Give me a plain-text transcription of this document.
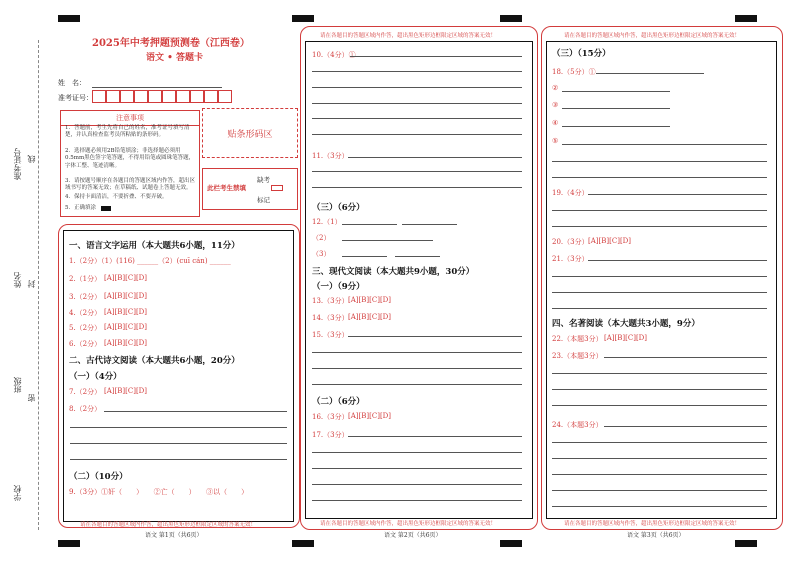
准考证号 线
姓名 封
班级
密
学校
2025年中考押题预测卷（江西卷）
语文 • 答题卡
姓　名：
准考证号：
注意事项
1．答题前，考生先将自己的姓名，准考证号填写清楚，并认真检查监考员所粘贴的条形码。
2．选择题必须用2B铅笔填涂；非选择题必须用0.5mm黑色签字笔答题，不得用铅笔或圆珠笔答题，字体工整、笔迹清晰。
3．请按题号顺序在各题目的答题区域内作答，超出区域书写的答案无效；在草稿纸、试题卷上答题无效。
4．保持卡面清洁，不要折叠、不要弄破。
5．正确填涂
贴条形码区
此栏考生禁填
缺考
标记
请在各题目的答题区域内作答，超出黑色矩形边框限定区域的答案无效！
语文 第1页（共6页）
一、语言文字运用（本大题共6小题，11分）
1.（2分）（1）(116) ______（2）(cuī cán) ______
2.（1分） [A][B][C][D]
3.（2分） [A][B][C][D]
4.（2分） [A][B][C][D]
5.（2分） [A][B][C][D]
6.（2分） [A][B][C][D]
二、古代诗文阅读（本大题共6小题，20分）
（一）（4分）
7.（2分） [A][B][C][D]
8.（2分）
（二）（10分）
9.（3分）①奸（　　）　　②亡（　　）　　③以（　　）
请在各题目的答题区域内作答，超出黑色矩形边框限定区域的答案无效！
请在各题目的答题区域内作答，超出黑色矩形边框限定区域的答案无效！
语文 第2页（共6页）
10.（4分）①
11.（3分）
（三）（6分）
12.（1）
（2）
（3）
三、现代文阅读（本大题共9小题，30分）
（一）（9分）
13.（3分） [A][B][C][D]
14.（3分） [A][B][C][D]
15.（3分）
（二）（6分）
16.（3分） [A][B][C][D]
17.（3分）
请在各题目的答题区域内作答，超出黑色矩形边框限定区域的答案无效！
请在各题目的答题区域内作答，超出黑色矩形边框限定区域的答案无效！
语文 第3页（共6页）
（三）（15分）
18.（5分）①
②
③
④
⑤
19.（4分）
20.（3分） [A][B][C][D]
21.（3分）
四、名著阅读（本大题共3小题，9分）
22.（本题3分） [A][B][C][D]
23.（本题3分）
24.（本题3分）
